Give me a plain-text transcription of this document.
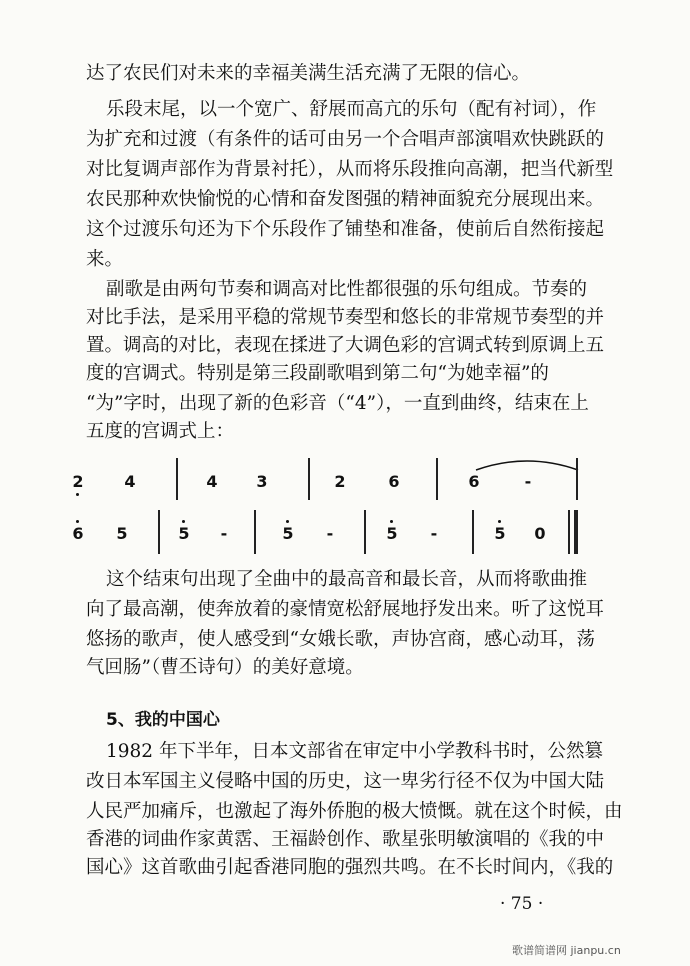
达了农民们对未来的幸福美满生活充满了无限的信心。
乐段末尾，以一个宽广、舒展而高亢的乐句（配有衬词），作
为扩充和过渡（有条件的话可由另一个合唱声部演唱欢快跳跃的
对比复调声部作为背景衬托），从而将乐段推向高潮，把当代新型
农民那种欢快愉悦的心情和奋发图强的精神面貌充分展现出来。
这个过渡乐句还为下个乐段作了铺垫和准备，使前后自然衔接起
来。
副歌是由两句节奏和调高对比性都很强的乐句组成。节奏的
对比手法，是采用平稳的常规节奏型和悠长的非常规节奏型的并
置。调高的对比，表现在揉进了大调色彩的宫调式转到原调上五
度的宫调式。特别是第三段副歌唱到第二句“为她幸福”的
“为”字时，出现了新的色彩音（“4”），一直到曲终，结束在上
五度的宫调式上：
2	4	4 3	2	6	6	-
6 5	5	-	5	-	5	-	5 0
这个结束句出现了全曲中的最高音和最长音，从而将歌曲推
向了最高潮，使奔放着的豪情宽松舒展地抒发出来。听了这悦耳
悠扬的歌声，使人感受到“女娥长歌，声协宫商，感心动耳，荡
气回肠”（曹丕诗句）的美好意境。
5、我的中国心
1982 年下半年，日本文部省在审定中小学教科书时，公然篡
改日本军国主义侵略中国的历史，这一卑劣行径不仅为中国大陆
人民严加痛斥，也激起了海外侨胞的极大愤慨。就在这个时候，由
香港的词曲作家黄霑、王福龄创作、歌星张明敏演唱的《我的中
国心》这首歌曲引起香港同胞的强烈共鸣。在不长时间内，《我的
· 75 ·
歌谱简谱网 jianpu.cn
